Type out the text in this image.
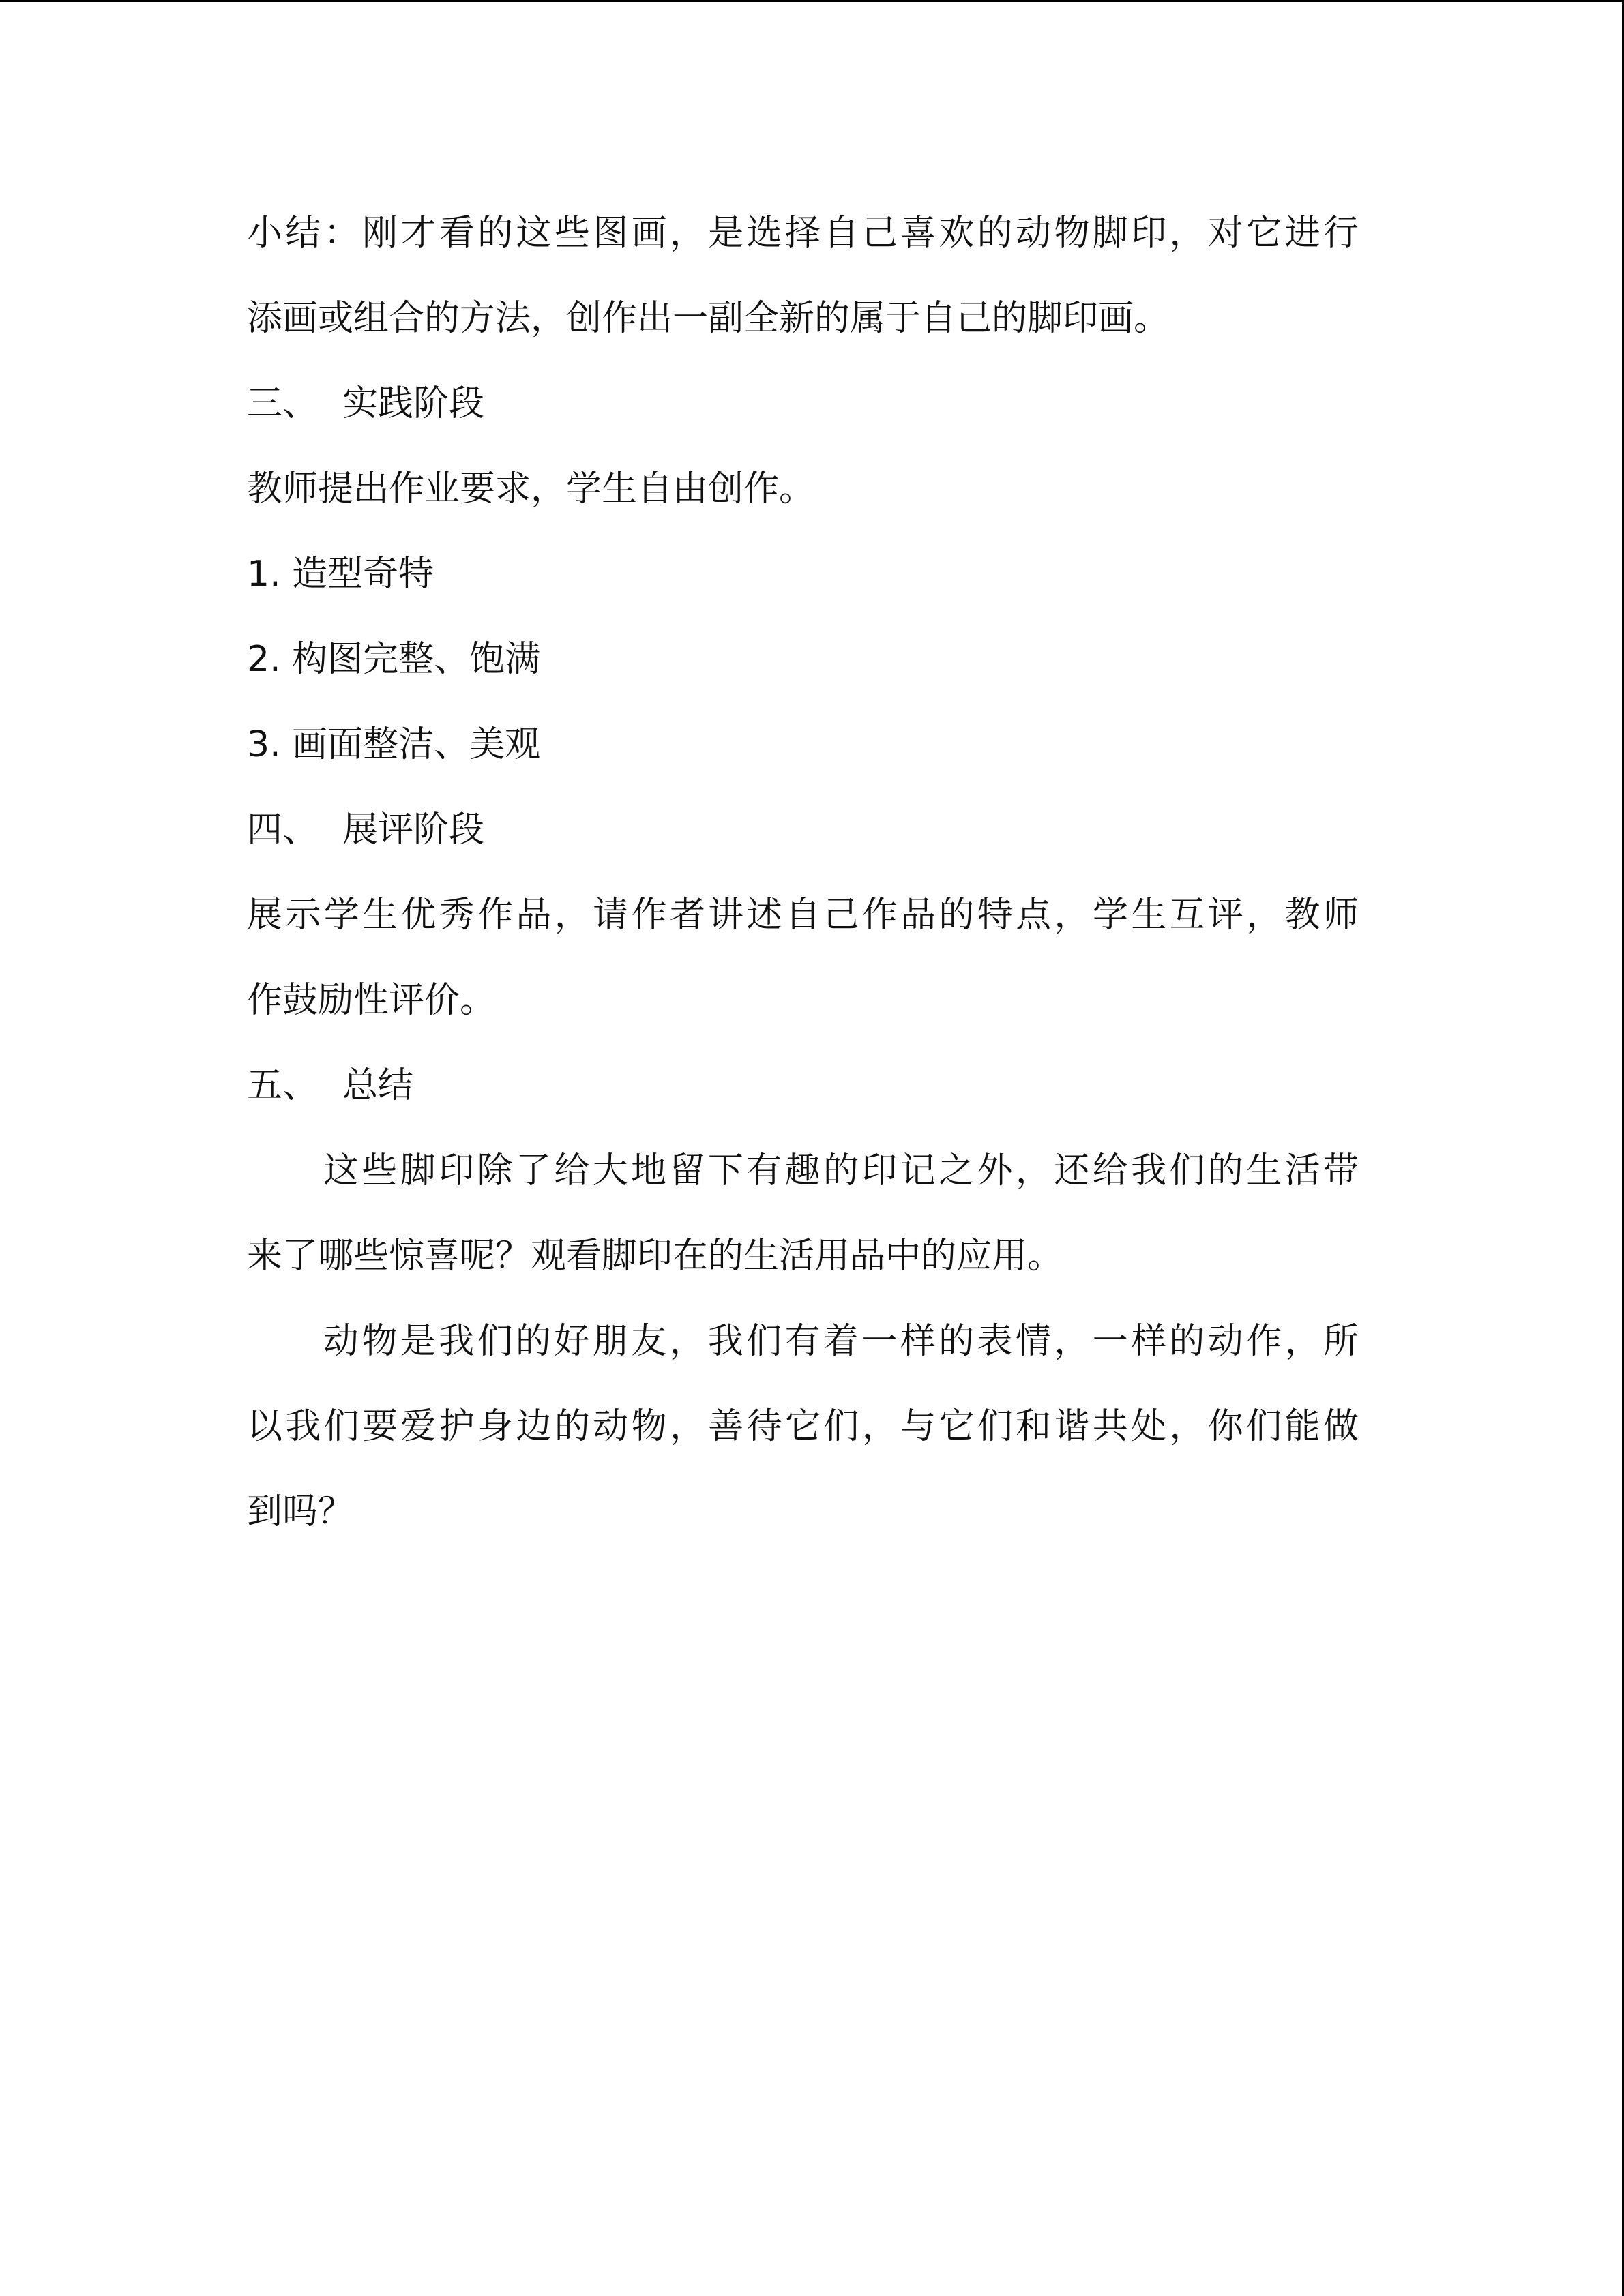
小结：刚才看的这些图画，是选择自己喜欢的动物脚印，对它进行
添画或组合的方法，创作出一副全新的属于自己的脚印画。
三、 实践阶段
教师提出作业要求，学生自由创作。
1. 造型奇特
2. 构图完整、饱满
3. 画面整洁、美观
四、 展评阶段
展示学生优秀作品，请作者讲述自己作品的特点，学生互评，教师
作鼓励性评价。
五、 总结
这些脚印除了给大地留下有趣的印记之外，还给我们的生活带
来了哪些惊喜呢？观看脚印在的生活用品中的应用。
动物是我们的好朋友，我们有着一样的表情，一样的动作，所
以我们要爱护身边的动物，善待它们，与它们和谐共处，你们能做
到吗？
